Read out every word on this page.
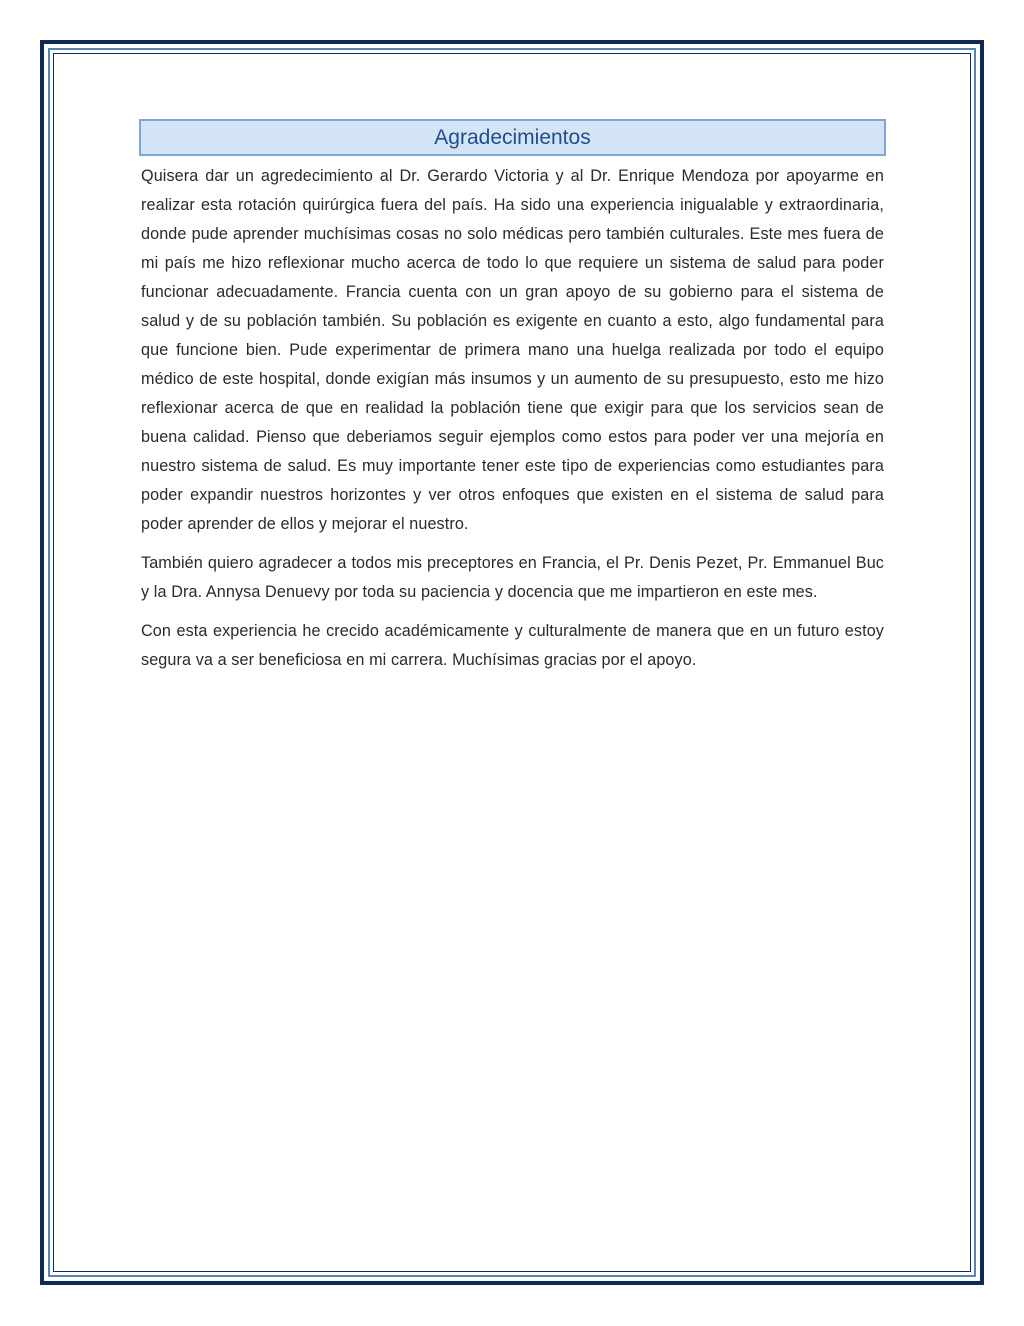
Agradecimientos

Quisera dar un agredecimiento al Dr. Gerardo Victoria y al Dr. Enrique Mendoza por apoyarme en realizar esta rotación quirúrgica fuera del país. Ha sido una experiencia inigualable y extraordinaria, donde pude aprender muchísimas cosas no solo médicas pero también culturales. Este mes fuera de mi país me hizo reflexionar mucho acerca de todo lo que requiere un sistema de salud para poder funcionar adecuadamente. Francia cuenta con un gran apoyo de su gobierno para el sistema de salud y de su población también. Su población es exigente en cuanto a esto, algo fundamental para que funcione bien. Pude experimentar de primera mano una huelga realizada por todo el equipo médico de este hospital, donde exigían más insumos y un aumento de su presupuesto, esto me hizo reflexionar acerca de que en realidad la población tiene que exigir para que los servicios sean de buena calidad. Pienso que deberiamos seguir ejemplos como estos para poder ver una mejoría en nuestro sistema de salud. Es muy importante tener este tipo de experiencias como estudiantes para poder expandir nuestros horizontes y ver otros enfoques que existen en el sistema de salud para poder aprender de ellos y mejorar el nuestro.

También quiero agradecer a todos mis preceptores en Francia, el Pr. Denis Pezet, Pr. Emmanuel Buc y la Dra. Annysa Denuevy por toda su paciencia y docencia que me impartieron en este mes.

Con esta experiencia he crecido académicamente y culturalmente de manera que en un futuro estoy segura va a ser beneficiosa en mi carrera. Muchísimas gracias por el apoyo.
